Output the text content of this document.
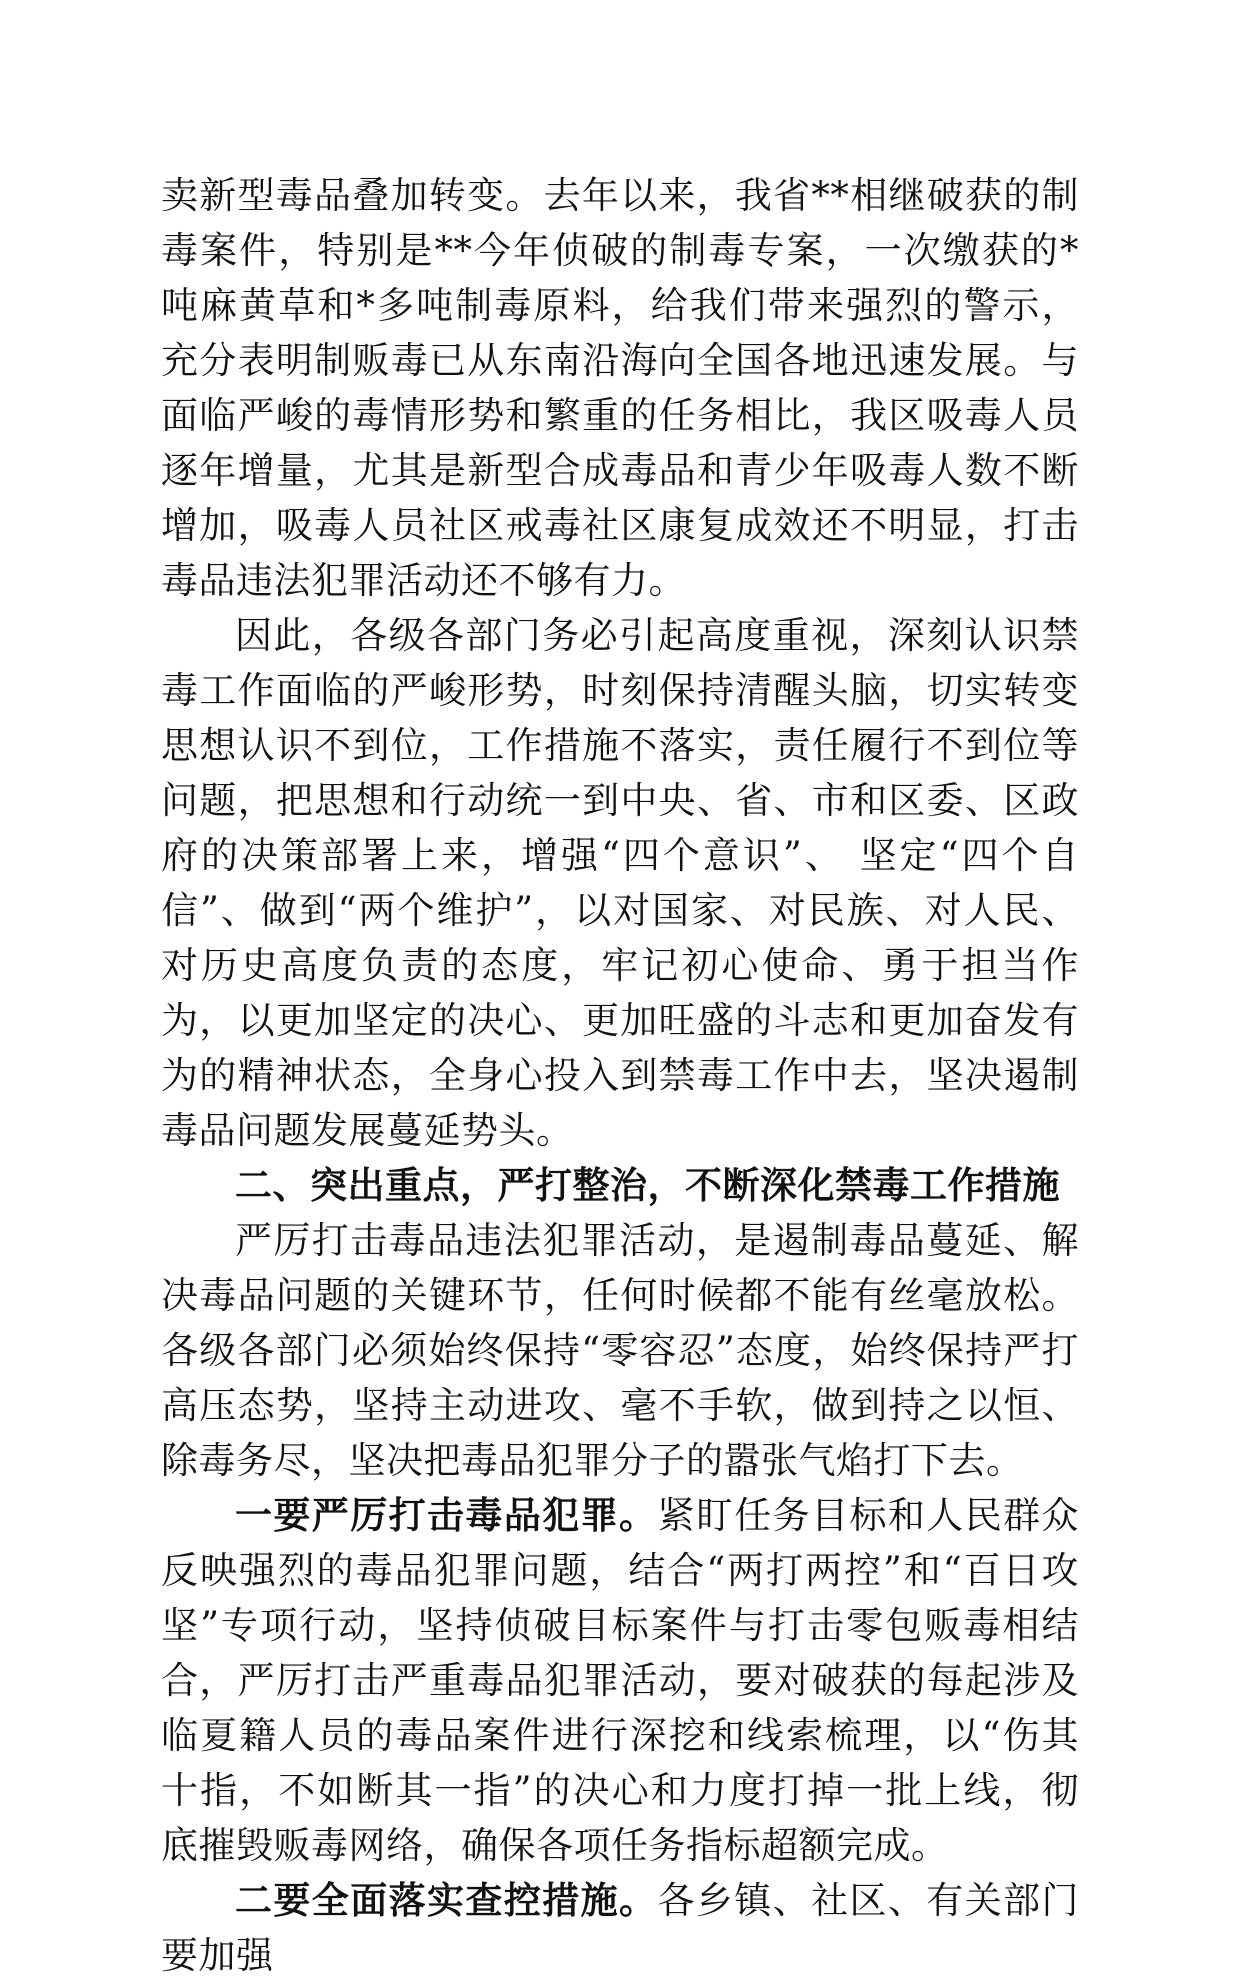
卖新型毒品叠加转变。去年以来，我省**相继破获的制毒案件，特别是**今年侦破的制毒专案，一次缴获的*吨麻黄草和*多吨制毒原料，给我们带来强烈的警示，充分表明制贩毒已从东南沿海向全国各地迅速发展。与面临严峻的毒情形势和繁重的任务相比，我区吸毒人员逐年增量，尤其是新型合成毒品和青少年吸毒人数不断增加，吸毒人员社区戒毒社区康复成效还不明显，打击毒品违法犯罪活动还不够有力。

因此，各级各部门务必引起高度重视，深刻认识禁毒工作面临的严峻形势，时刻保持清醒头脑，切实转变思想认识不到位，工作措施不落实，责任履行不到位等问题，把思想和行动统一到中央、省、市和区委、区政府的决策部署上来，增强“四个意识”、 坚定“四个自信”、做到“两个维护”，以对国家、对民族、对人民、对历史高度负责的态度，牢记初心使命、勇于担当作为，以更加坚定的决心、更加旺盛的斗志和更加奋发有为的精神状态，全身心投入到禁毒工作中去，坚决遏制毒品问题发展蔓延势头。

二、突出重点，严打整治，不断深化禁毒工作措施

严厉打击毒品违法犯罪活动，是遏制毒品蔓延、解决毒品问题的关键环节，任何时候都不能有丝毫放松。各级各部门必须始终保持“零容忍”态度，始终保持严打高压态势，坚持主动进攻、毫不手软，做到持之以恒、除毒务尽，坚决把毒品犯罪分子的嚣张气焰打下去。

一要严厉打击毒品犯罪。紧盯任务目标和人民群众反映强烈的毒品犯罪问题，结合“两打两控”和“百日攻坚”专项行动，坚持侦破目标案件与打击零包贩毒相结合，严厉打击严重毒品犯罪活动，要对破获的每起涉及临夏籍人员的毒品案件进行深挖和线索梳理，以“伤其十指，不如断其一指”的决心和力度打掉一批上线，彻底摧毁贩毒网络，确保各项任务指标超额完成。

二要全面落实查控措施。各乡镇、社区、有关部门要加强
